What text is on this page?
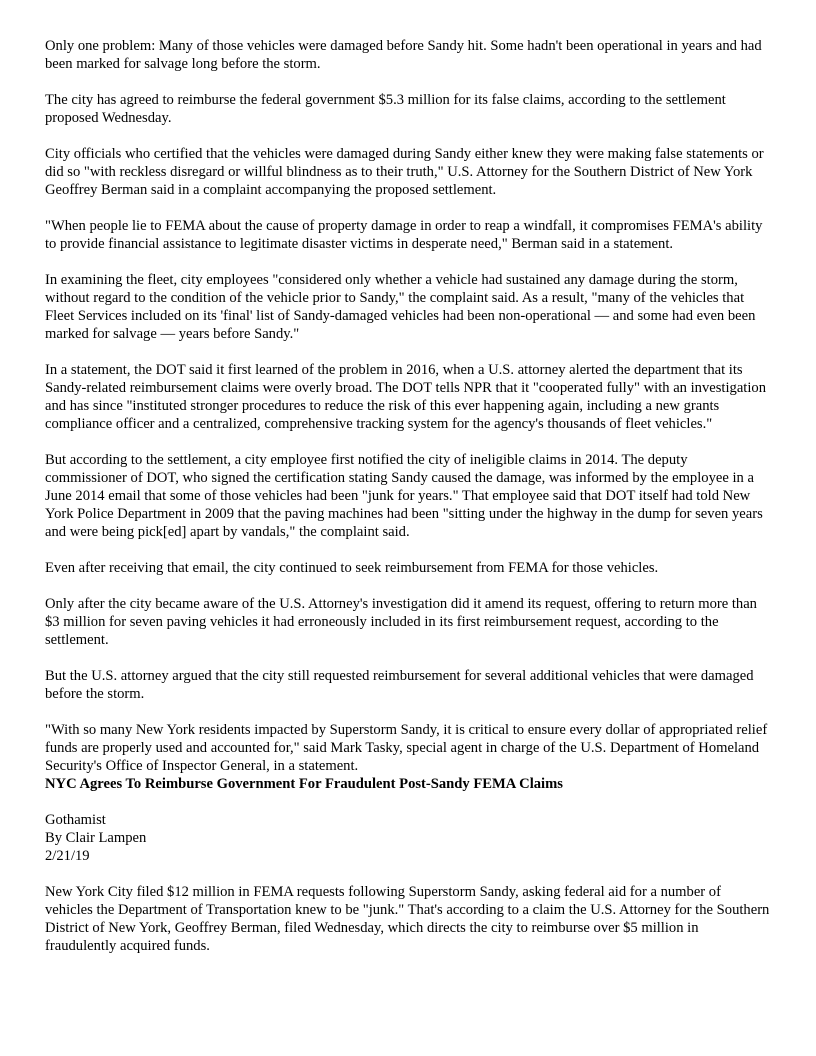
Only one problem: Many of those vehicles were damaged before Sandy hit. Some hadn't been operational in years and had been marked for salvage long before the storm.

The city has agreed to reimburse the federal government $5.3 million for its false claims, according to the settlement proposed Wednesday.

City officials who certified that the vehicles were damaged during Sandy either knew they were making false statements or did so "with reckless disregard or willful blindness as to their truth," U.S. Attorney for the Southern District of New York Geoffrey Berman said in a complaint accompanying the proposed settlement.

"When people lie to FEMA about the cause of property damage in order to reap a windfall, it compromises FEMA's ability to provide financial assistance to legitimate disaster victims in desperate need," Berman said in a statement.

In examining the fleet, city employees "considered only whether a vehicle had sustained any damage during the storm, without regard to the condition of the vehicle prior to Sandy," the complaint said. As a result, "many of the vehicles that Fleet Services included on its 'final' list of Sandy-damaged vehicles had been non-operational — and some had even been marked for salvage — years before Sandy."

In a statement, the DOT said it first learned of the problem in 2016, when a U.S. attorney alerted the department that its Sandy-related reimbursement claims were overly broad. The DOT tells NPR that it "cooperated fully" with an investigation and has since "instituted stronger procedures to reduce the risk of this ever happening again, including a new grants compliance officer and a centralized, comprehensive tracking system for the agency's thousands of fleet vehicles."

But according to the settlement, a city employee first notified the city of ineligible claims in 2014. The deputy commissioner of DOT, who signed the certification stating Sandy caused the damage, was informed by the employee in a June 2014 email that some of those vehicles had been "junk for years." That employee said that DOT itself had told New York Police Department in 2009 that the paving machines had been "sitting under the highway in the dump for seven years and were being pick[ed] apart by vandals," the complaint said.

Even after receiving that email, the city continued to seek reimbursement from FEMA for those vehicles.

Only after the city became aware of the U.S. Attorney's investigation did it amend its request, offering to return more than $3 million for seven paving vehicles it had erroneously included in its first reimbursement request, according to the settlement.

But the U.S. attorney argued that the city still requested reimbursement for several additional vehicles that were damaged before the storm.

"With so many New York residents impacted by Superstorm Sandy, it is critical to ensure every dollar of appropriated relief funds are properly used and accounted for," said Mark Tasky, special agent in charge of the U.S. Department of Homeland Security's Office of Inspector General, in a statement.

NYC Agrees To Reimburse Government For Fraudulent Post-Sandy FEMA Claims
Gothamist
By Clair Lampen
2/21/19

New York City filed $12 million in FEMA requests following Superstorm Sandy, asking federal aid for a number of vehicles the Department of Transportation knew to be "junk." That's according to a claim the U.S. Attorney for the Southern District of New York, Geoffrey Berman, filed Wednesday, which directs the city to reimburse over $5 million in fraudulently acquired funds.
